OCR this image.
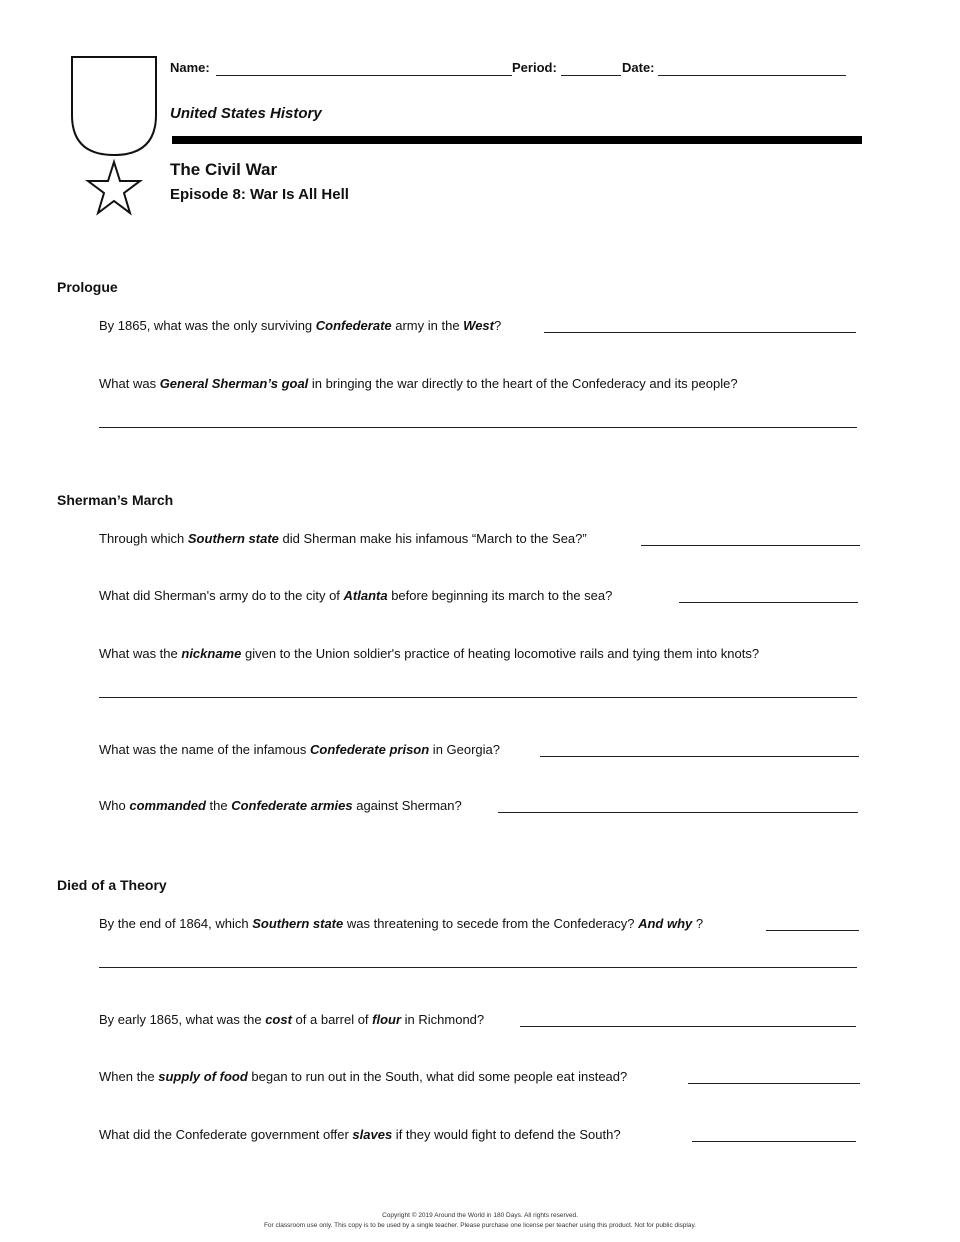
Name:	Period:	Date:
United States History
The Civil War
Episode 8: War Is All Hell
Prologue
Sherman’s March
Died of a Theory
By 1865, what was the only surviving Confederate army in the West?
What was General Sherman’s goal in bringing the war directly to the heart of the Confederacy and its people?
Through which Southern state did Sherman make his infamous “March to the Sea?”
What did Sherman's army do to the city of Atlanta before beginning its march to the sea?
What was the nickname given to the Union soldier's practice of heating locomotive rails and tying them into knots?
What was the name of the infamous Confederate prison in Georgia?
Who commanded the Confederate armies against Sherman?
By the end of 1864, which Southern state was threatening to secede from the Confederacy? And why ?
By early 1865, what was the cost of a barrel of flour in Richmond?
When the supply of food began to run out in the South, what did some people eat instead?
What did the Confederate government offer slaves if they would fight to defend the South?
Copyright © 2019 Around the World in 180 Days. All rights reserved.
For classroom use only. This copy is to be used by a single teacher. Please purchase one license per teacher using this product. Not for public display.
